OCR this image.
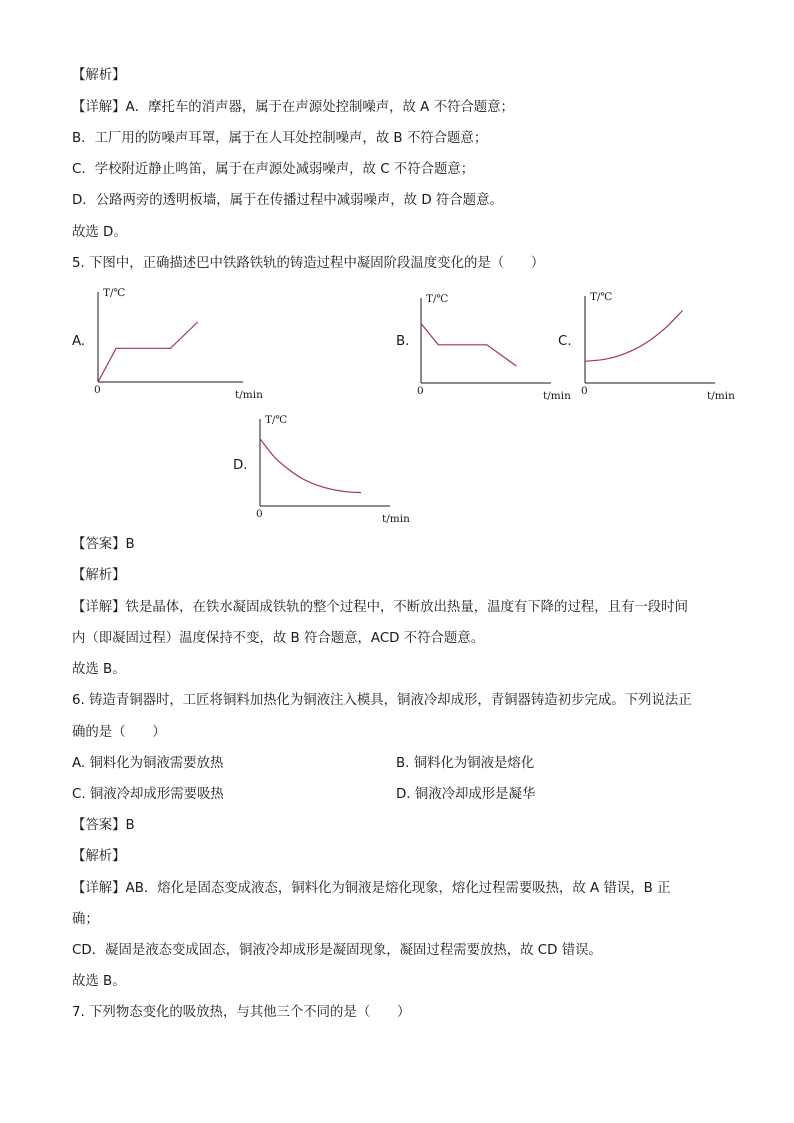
【解析】
【详解】A．摩托车的消声器，属于在声源处控制噪声，故 A 不符合题意；
B．工厂用的防噪声耳罩，属于在人耳处控制噪声，故 B 不符合题意；
C．学校附近静止鸣笛，属于在声源处减弱噪声，故 C 不符合题意；
D．公路两旁的透明板墙，属于在传播过程中减弱噪声，故 D 符合题意。
故选 D。
5. 下图中，正确描述巴中铁路铁轨的铸造过程中凝固阶段温度变化的是（　　）
A.
T/℃
t/min
0
B.
T/℃
t/min
0
C.
T/℃
t/min
0
D.
T/℃
t/min
0
【答案】B
【解析】
【详解】铁是晶体，在铁水凝固成铁轨的整个过程中，不断放出热量，温度有下降的过程，且有一段时间
内（即凝固过程）温度保持不变，故 B 符合题意，ACD 不符合题意。
故选 B。
6. 铸造青铜器时，工匠将铜料加热化为铜液注入模具，铜液冷却成形，青铜器铸造初步完成。下列说法正
确的是（　　）
A. 铜料化为铜液需要放热	B. 铜料化为铜液是熔化
C. 铜液冷却成形需要吸热	D. 铜液冷却成形是凝华
【答案】B
【解析】
【详解】AB．熔化是固态变成液态，铜料化为铜液是熔化现象，熔化过程需要吸热，故 A 错误，B 正
确；
CD．凝固是液态变成固态，铜液冷却成形是凝固现象，凝固过程需要放热，故 CD 错误。
故选 B。
7. 下列物态变化的吸放热，与其他三个不同的是（　　）
